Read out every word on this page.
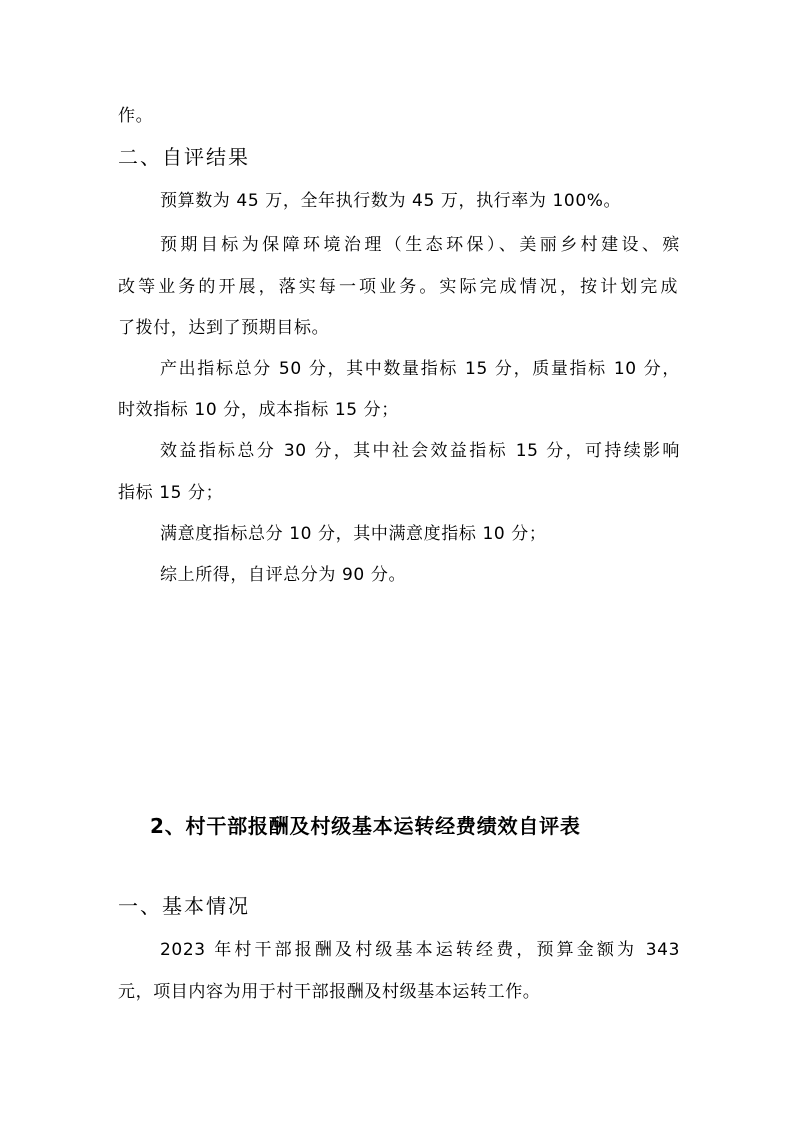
作。
二、自评结果
预算数为 45 万，全年执行数为 45 万，执行率为 100%。
预期目标为保障环境治理（生态环保）、美丽乡村建设、殡
改等业务的开展，落实每一项业务。实际完成情况，按计划完成
了拨付，达到了预期目标。
产出指标总分 50 分，其中数量指标 15 分，质量指标 10 分，
时效指标 10 分，成本指标 15 分；
效益指标总分 30 分，其中社会效益指标 15 分，可持续影响
指标 15 分；
满意度指标总分 10 分，其中满意度指标 10 分；
综上所得，自评总分为 90 分。
2、村干部报酬及村级基本运转经费绩效自评表
一、基本情况
2023 年村干部报酬及村级基本运转经费，预算金额为 343
元，项目内容为用于村干部报酬及村级基本运转工作。
